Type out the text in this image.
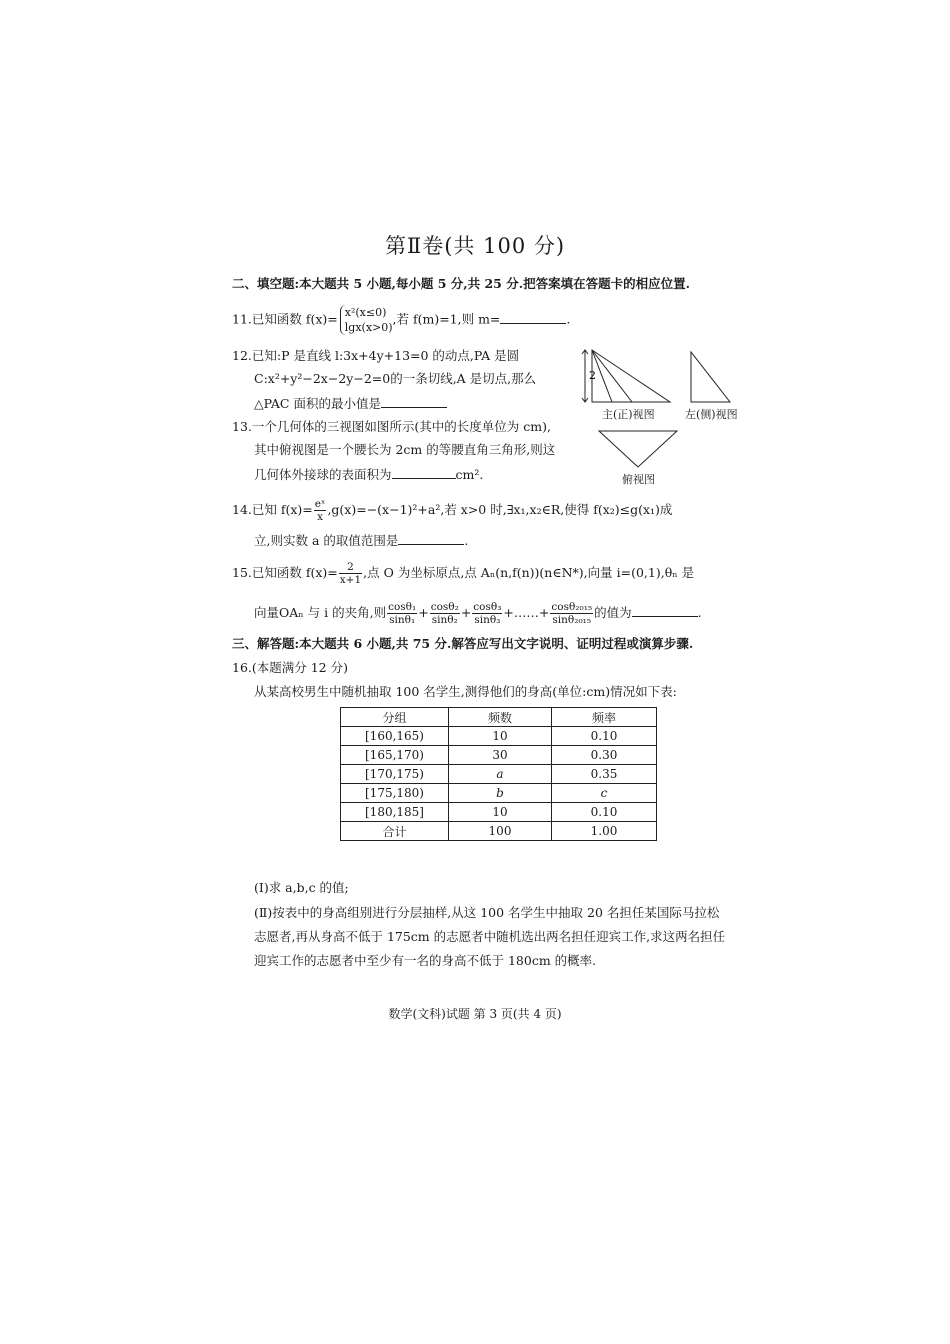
第Ⅱ卷(共 100 分)
二、填空题:本大题共 5 小题,每小题 5 分,共 25 分.把答案填在答题卡的相应位置.
11.已知函数 f(x)= x²(x≤0)
lgx(x>0)
,若 f(m)=1,则 m=	.
12.已知:P 是直线 l:3x+4y+13=0 的动点,PA 是圆
C:x²+y²−2x−2y−2=0的一条切线,A 是切点,那么
△PAC 面积的最小值是
13.一个几何体的三视图如图所示(其中的长度单位为 cm),
其中俯视图是一个腰长为 2cm 的等腰直角三角形,则这
几何体外接球的表面积为	cm².
2
主(正)视图	左(侧)视图
俯视图
14.已知 $f(x)= \frac{\text{eˣ}}{x} ,g(x)=-(x-1)^2+a^2$,若 x>0 时,∃x₁,x₂∈R,使得 f(x₂)≤g(x₁)成
立,则实数 a 的取值范围是	.
15.已知函数 $f(x)= \frac{2}{x+1}$ ,点 O 为坐标原点,点 Aₙ(n,f(n))(n∈N*),向量 i=(0,1),θₙ 是
向量OAₙ 与 i 的夹角,则 $\frac{\text{cosθ₁}}{\text{sinθ₁}} + \frac{\text{cosθ₂}}{\text{sinθ₂}} + \frac{\text{cosθ₃}}{\text{sinθ₃}}$ +……+ $\frac{\text{cosθ₂₀₁₅}}{\text{sinθ₂₀₁₅}}$ 的值为	.
三、解答题:本大题共 6 小题,共 75 分.解答应写出文字说明、证明过程或演算步骤.
16.(本题满分 12 分)
从某高校男生中随机抽取 100 名学生,测得他们的身高(单位:cm)情况如下表:
分组	频数	频率
[160,165)	10	0.10
[165,170)	30	0.30
[170,175)	a	0.35
[175,180)	b	c
[180,185]	10	0.10
合计	100	1.00
(Ⅰ)求 a,b,c 的值;
(Ⅱ)按表中的身高组别进行分层抽样,从这 100 名学生中抽取 20 名担任某国际马拉松
志愿者,再从身高不低于 175cm 的志愿者中随机选出两名担任迎宾工作,求这两名担任
迎宾工作的志愿者中至少有一名的身高不低于 180cm 的概率.
数学(文科)试题 第 3 页(共 4 页)
